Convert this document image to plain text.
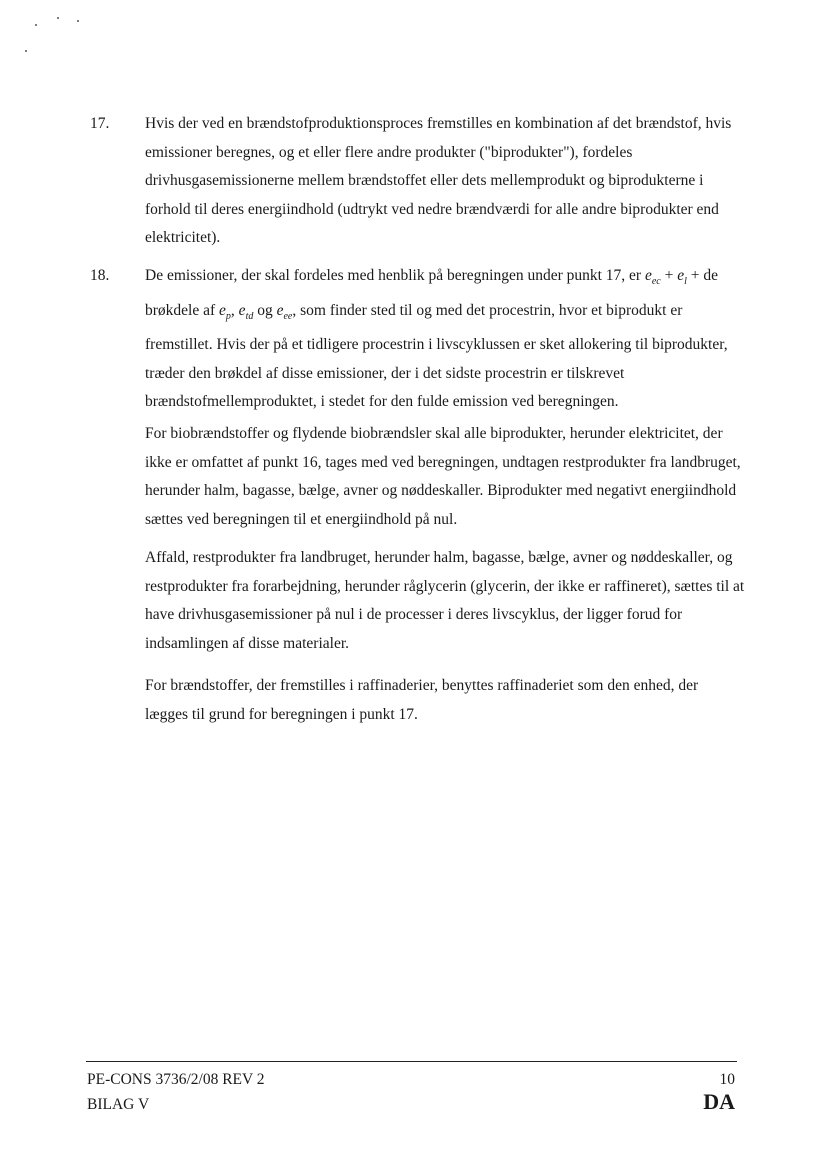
17. Hvis der ved en brændstofproduktionsproces fremstilles en kombination af det brændstof, hvis emissioner beregnes, og et eller flere andre produkter ("biprodukter"), fordeles drivhusgasemissionerne mellem brændstoffet eller dets mellemprodukt og biprodukterne i forhold til deres energiindhold (udtrykt ved nedre brændværdi for alle andre biprodukter end elektricitet).
18. De emissioner, der skal fordeles med henblik på beregningen under punkt 17, er $e_{ec} + e_l$ + de brøkdele af $e_p$, $e_{td}$ og $e_{ee}$, som finder sted til og med det procestrin, hvor et biprodukt er fremstillet. Hvis der på et tidligere procestrin i livscyklussen er sket allokering til biprodukter, træder den brøkdel af disse emissioner, der i det sidste procestrin er tilskrevet brændstofmellemproduktet, i stedet for den fulde emission ved beregningen.
For biobrændstoffer og flydende biobrændsler skal alle biprodukter, herunder elektricitet, der ikke er omfattet af punkt 16, tages med ved beregningen, undtagen restprodukter fra landbruget, herunder halm, bagasse, bælge, avner og nøddeskaller. Biprodukter med negativt energiindhold sættes ved beregningen til et energiindhold på nul.
Affald, restprodukter fra landbruget, herunder halm, bagasse, bælge, avner og nøddeskaller, og restprodukter fra forarbejdning, herunder råglycerin (glycerin, der ikke er raffineret), sættes til at have drivhusgasemissioner på nul i de processer i deres livscyklus, der ligger forud for indsamlingen af disse materialer.
For brændstoffer, der fremstilles i raffinaderier, benyttes raffinaderiet som den enhed, der lægges til grund for beregningen i punkt 17.
PE-CONS 3736/2/08 REV 2
BILAG V
10
DA
